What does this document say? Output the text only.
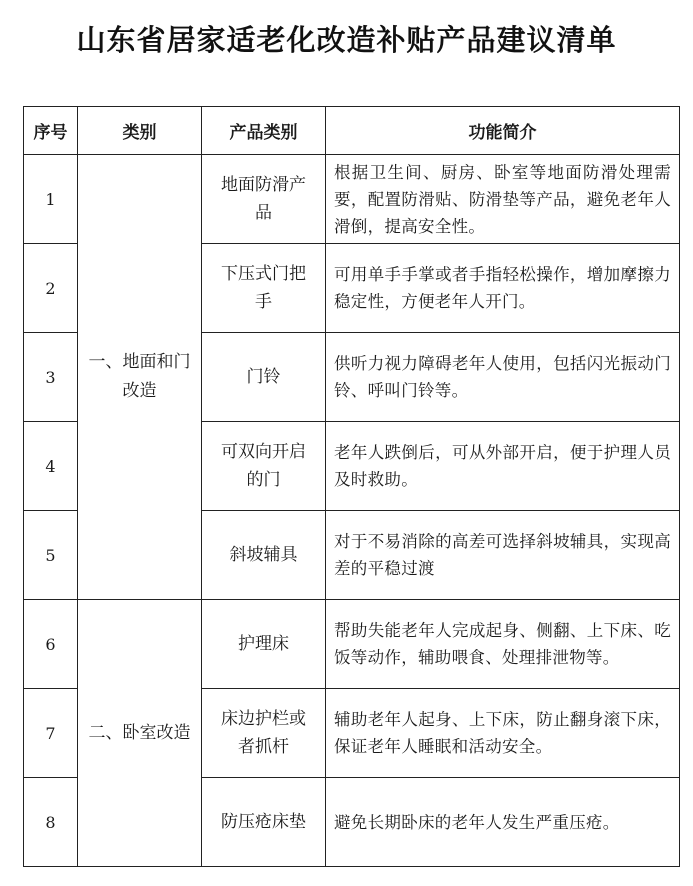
山东省居家适老化改造补贴产品建议清单
序号	类别	产品类别	功能简介
1	一、地面和门改造	地面防滑产品	根据卫生间、厨房、卧室等地面防滑处理需要，配置防滑贴、防滑垫等产品，避免老年人滑倒，提高安全性。
2		下压式门把手	可用单手手掌或者手指轻松操作，增加摩擦力稳定性，方便老年人开门。
3		门铃	供听力视力障碍老年人使用，包括闪光振动门铃、呼叫门铃等。
4		可双向开启的门	老年人跌倒后，可从外部开启，便于护理人员及时救助。
5		斜坡辅具	对于不易消除的高差可选择斜坡辅具，实现高差的平稳过渡
6	二、卧室改造	护理床	帮助失能老年人完成起身、侧翻、上下床、吃饭等动作，辅助喂食、处理排泄物等。
7		床边护栏或者抓杆	辅助老年人起身、上下床，防止翻身滚下床，保证老年人睡眠和活动安全。
8		防压疮床垫	避免长期卧床的老年人发生严重压疮。
